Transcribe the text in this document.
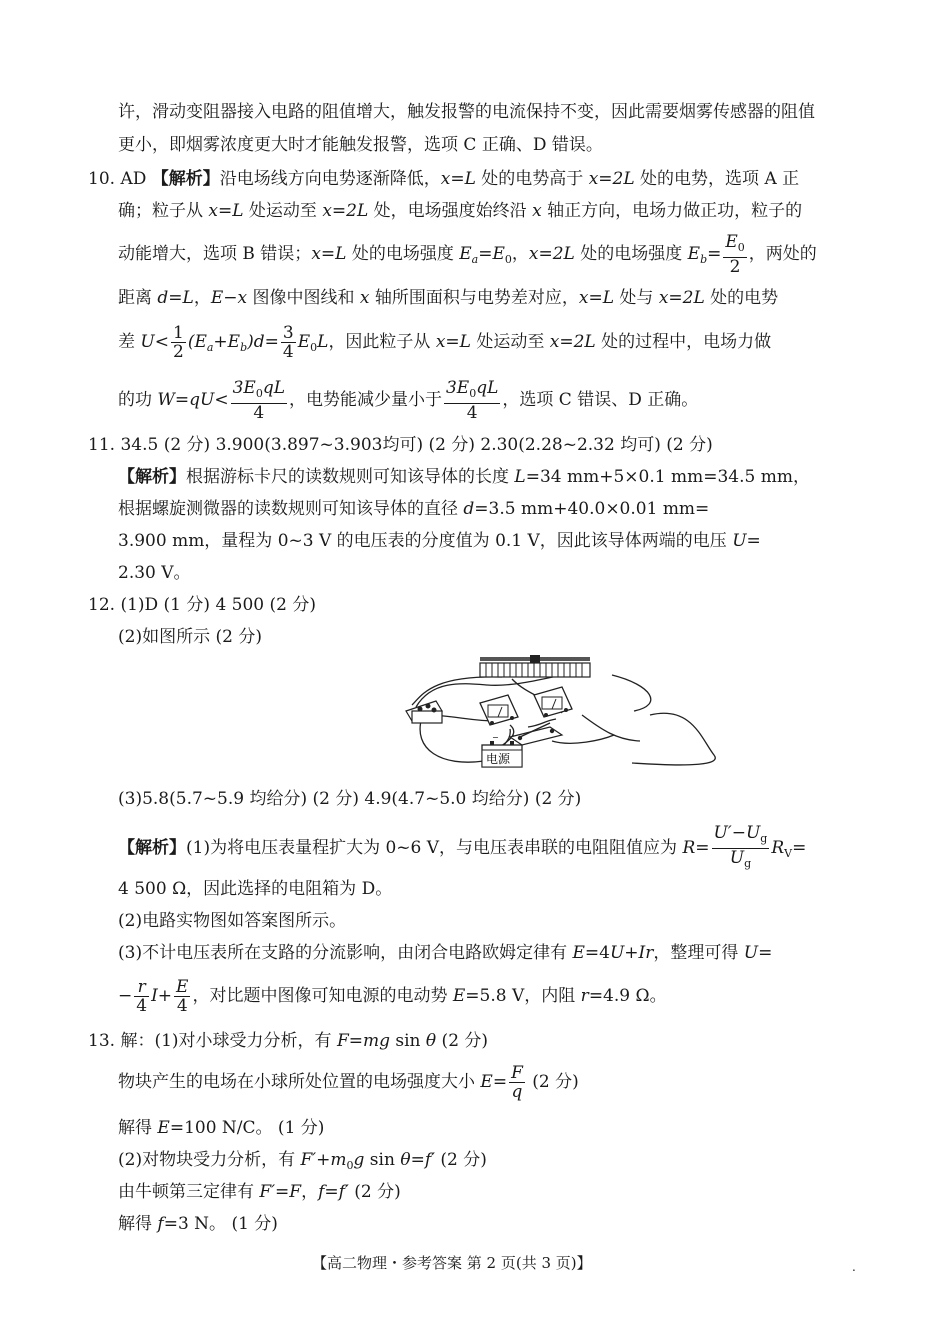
许，滑动变阻器接入电路的阻值增大，触发报警的电流保持不变，因此需要烟雾传感器的阻值
更小，即烟雾浓度更大时才能触发报警，选项 C 正确、D 错误。
10. AD 【解析】沿电场线方向电势逐渐降低，x=L 处的电势高于 x=2L 处的电势，选项 A 正
确；粒子从 x=L 处运动至 x=2L 处，电场强度始终沿 x 轴正方向，电场力做正功，粒子的
动能增大，选项 B 错误；x=L 处的电场强度 $E_a=E_0$，x=2L 处的电场强度 $E_b= \frac{E_0}{2}$ ，两处的
距离 d=L，E−x 图像中图线和 x 轴所围面积与电势差对应，x=L 处与 x=2L 处的电势
差 $U< \frac{1}{2} (E_a+E_b)d= \frac{3}{4} E_0L$，因此粒子从 x=L 处运动至 x=2L 处的过程中，电场力做
的功 $W=qU< \frac{3E_0qL}{4}$ ，电势能减少量小于 $\frac{3E_0qL}{4}$ ，选项 C 错误、D 正确。
11. 34.5 (2 分) 3.900(3.897~3.903均可) (2 分) 2.30(2.28~2.32 均可) (2 分)
【解析】根据游标卡尺的读数规则可知该导体的长度 L=34 mm+5×0.1 mm=34.5 mm，
根据螺旋测微器的读数规则可知该导体的直径 d=3.5 mm+40.0×0.01 mm=
3.900 mm，量程为 0~3 V 的电压表的分度值为 0.1 V，因此该导体两端的电压 U=
2.30 V。
12. (1)D (1 分) 4 500 (2 分)
(2)如图所示 (2 分)
−
电源
(3)5.8(5.7~5.9 均给分) (2 分) 4.9(4.7~5.0 均给分) (2 分)
【解析】(1)为将电压表量程扩大为 0~6 V，与电压表串联的电阻阻值应为 $R= \frac{U'-U_g}{U_g} R_V=$
4 500 Ω，因此选择的电阻箱为 D。
(2)电路实物图如答案图所示。
(3)不计电压表所在支路的分流影响，由闭合电路欧姆定律有 E=4U+Ir，整理可得 U=
− $\frac{r}{4} I+ \frac{E}{4}$ ，对比题中图像可知电源的电动势 E=5.8 V，内阻 r=4.9 Ω。
13. 解：(1)对小球受力分析，有 F=mg sin θ (2 分)
物块产生的电场在小球所处位置的电场强度大小 $E= \frac{F}{q} (2$ 分)
解得 E=100 N/C。 (1 分)
(2)对物块受力分析，有 $F'+m_0g$ sin θ=f′ (2 分)
由牛顿第三定律有 F′=F，f=f′ (2 分)
解得 f=3 N。 (1 分)
【高二物理・参考答案 第 2 页(共 3 页)】	.
